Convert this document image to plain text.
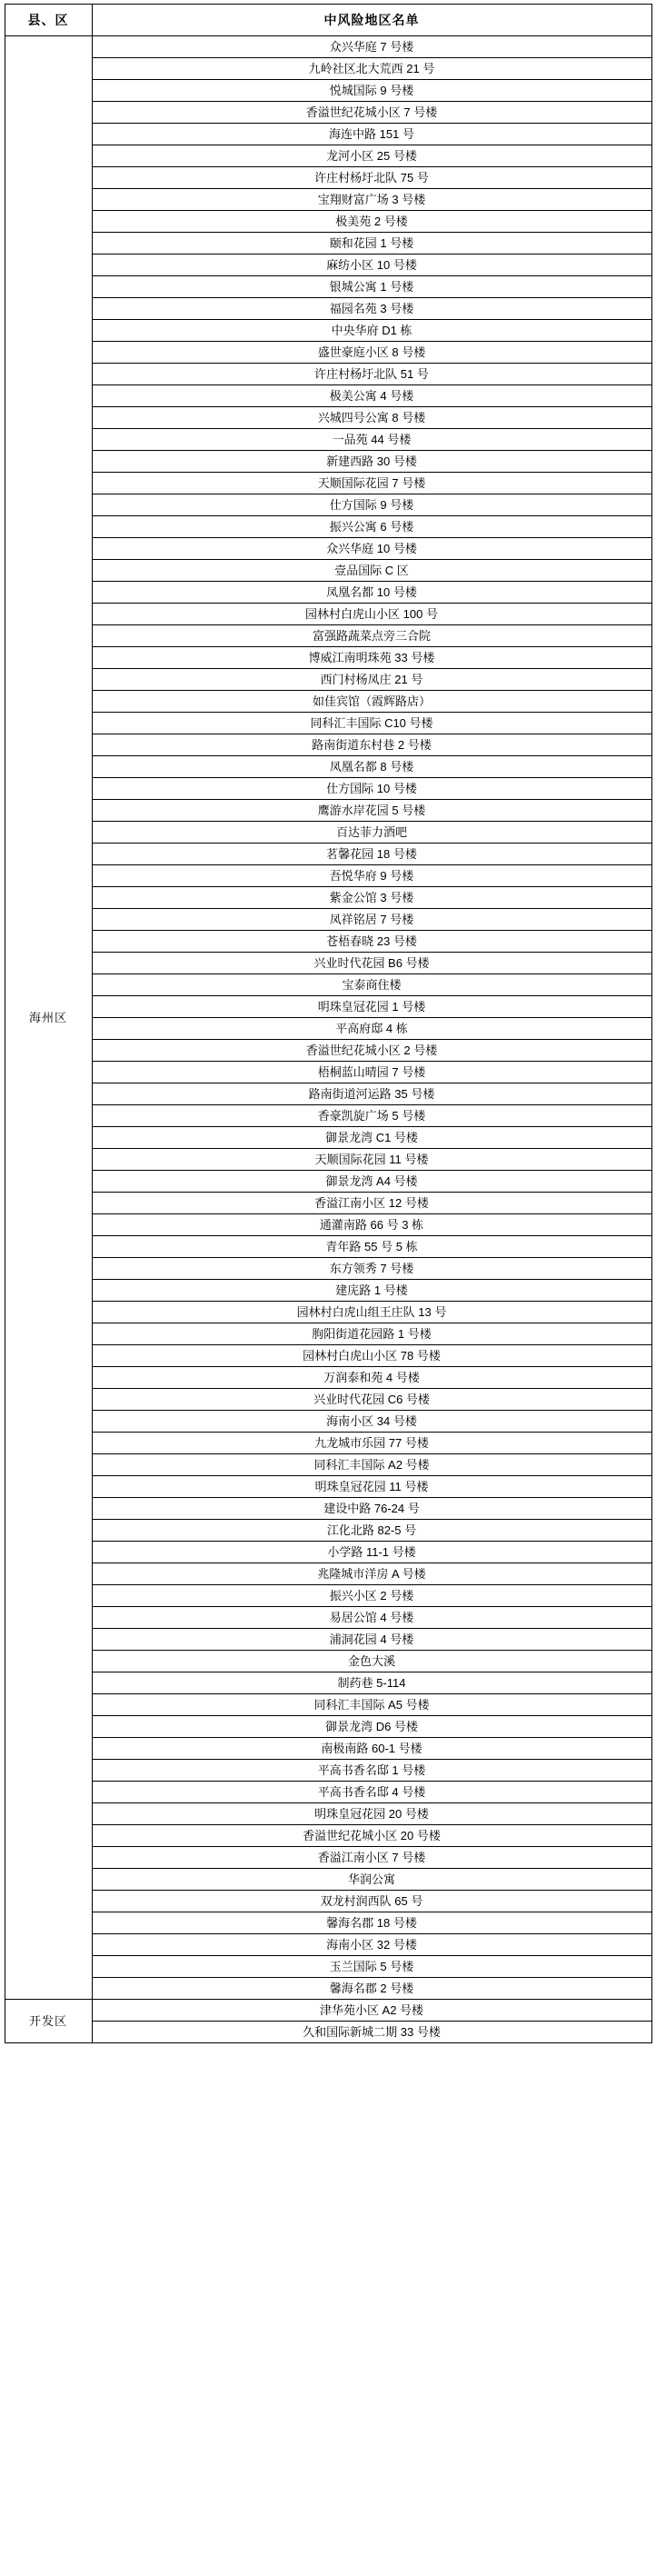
县、区	中风险地区名单
海州区	众兴华庭 7 号楼
	九岭社区北大荒西 21 号
	悦城国际 9 号楼
	香溢世纪花城小区 7 号楼
	海连中路 151 号
	龙河小区 25 号楼
	许庄村杨圩北队 75 号
	宝翔财富广场 3 号楼
	极美苑 2 号楼
	颐和花园 1 号楼
	麻纺小区 10 号楼
	银城公寓 1 号楼
	福园名苑 3 号楼
	中央华府 D1 栋
	盛世豪庭小区 8 号楼
	许庄村杨圩北队 51 号
	极美公寓 4 号楼
	兴城四号公寓 8 号楼
	一品苑 44 号楼
	新建西路 30 号楼
	天顺国际花园 7 号楼
	仕方国际 9 号楼
	振兴公寓 6 号楼
	众兴华庭 10 号楼
	壹品国际 C 区
	凤凰名都 10 号楼
	园林村白虎山小区 100 号
	富强路蔬菜点旁三合院
	博威江南明珠苑 33 号楼
	西门村杨凤庄 21 号
	如佳宾馆（霞辉路店）
	同科汇丰国际 C10 号楼
	路南街道东村巷 2 号楼
	凤凰名都 8 号楼
	仕方国际 10 号楼
	鹰游水岸花园 5 号楼
	百达菲力酒吧
	茗馨花园 18 号楼
	吾悦华府 9 号楼
	紫金公馆 3 号楼
	凤祥铭居 7 号楼
	苍梧春晓 23 号楼
	兴业时代花园 B6 号楼
	宝泰商住楼
	明珠皇冠花园 1 号楼
	平高府邸 4 栋
	香溢世纪花城小区 2 号楼
	梧桐蓝山晴园 7 号楼
	路南街道河运路 35 号楼
	香豪凯旋广场 5 号楼
	御景龙湾 C1 号楼
	天顺国际花园 11 号楼
	御景龙湾 A4 号楼
	香溢江南小区 12 号楼
	通灌南路 66 号 3 栋
	青年路 55 号 5 栋
	东方领秀 7 号楼
	建庑路 1 号楼
	园林村白虎山组王庄队 13 号
	朐阳街道花园路 1 号楼
	园林村白虎山小区 78 号楼
	万润泰和苑 4 号楼
	兴业时代花园 C6 号楼
	海南小区 34 号楼
	九龙城市乐园 77 号楼
	同科汇丰国际 A2 号楼
	明珠皇冠花园 11 号楼
	建设中路 76-24 号
	江化北路 82-5 号
	小学路 11-1 号楼
	兆隆城市洋房 A 号楼
	振兴小区 2 号楼
	易居公馆 4 号楼
	浦洞花园 4 号楼
	金色大溪
	制药巷 5-114
	同科汇丰国际 A5 号楼
	御景龙湾 D6 号楼
	南极南路 60-1 号楼
	平高书香名邸 1 号楼
	平高书香名邸 4 号楼
	明珠皇冠花园 20 号楼
	香溢世纪花城小区 20 号楼
	香溢江南小区 7 号楼
	华润公寓
	双龙村润西队 65 号
	馨海名郡 18 号楼
	海南小区 32 号楼
	玉兰国际 5 号楼
	馨海名郡 2 号楼
开发区	津华苑小区 A2 号楼
	久和国际新城二期 33 号楼
